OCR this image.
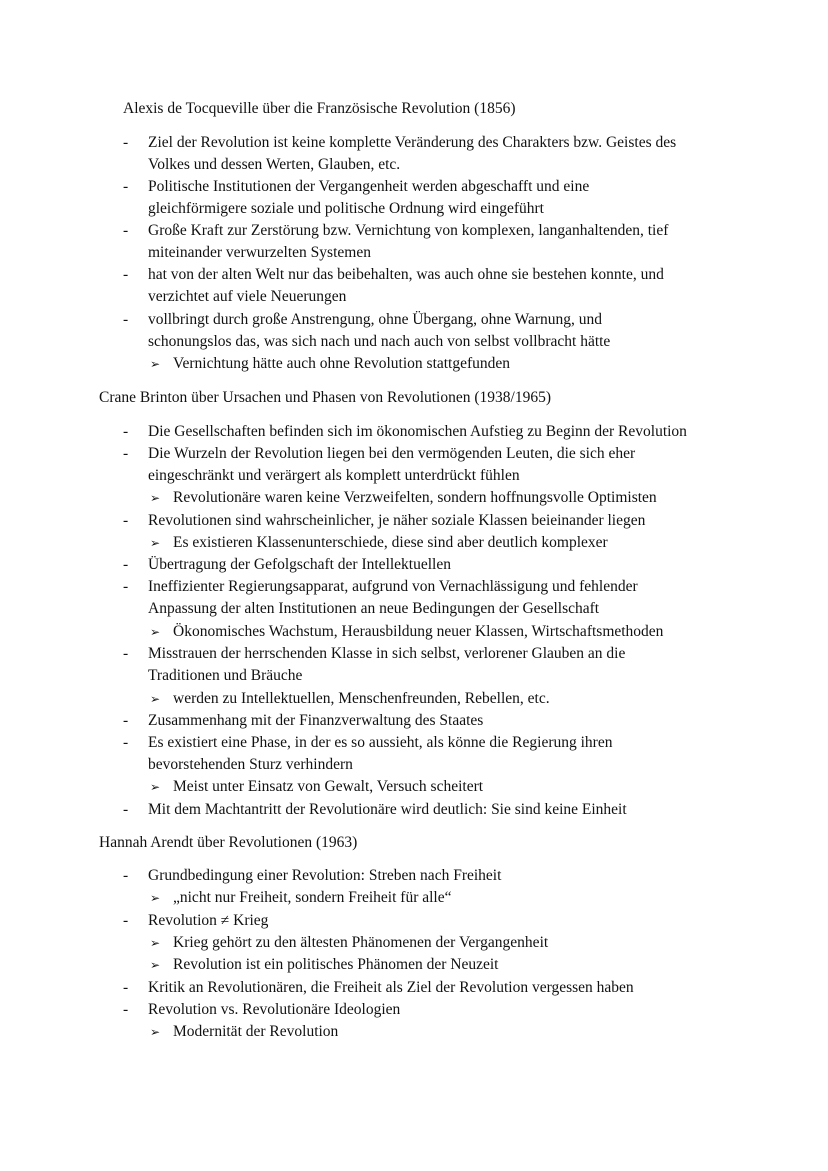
Alexis de Tocqueville über die Französische Revolution (1856)
- Ziel der Revolution ist keine komplette Veränderung des Charakters bzw. Geistes des
Volkes und dessen Werten, Glauben, etc.
- Politische Institutionen der Vergangenheit werden abgeschafft und eine
gleichförmigere soziale und politische Ordnung wird eingeführt
- Große Kraft zur Zerstörung bzw. Vernichtung von komplexen, langanhaltenden, tief
miteinander verwurzelten Systemen
- hat von der alten Welt nur das beibehalten, was auch ohne sie bestehen konnte, und
verzichtet auf viele Neuerungen
- vollbringt durch große Anstrengung, ohne Übergang, ohne Warnung, und
schonungslos das, was sich nach und nach auch von selbst vollbracht hätte
➢ Vernichtung hätte auch ohne Revolution stattgefunden
Crane Brinton über Ursachen und Phasen von Revolutionen (1938/1965)
- Die Gesellschaften befinden sich im ökonomischen Aufstieg zu Beginn der Revolution
- Die Wurzeln der Revolution liegen bei den vermögenden Leuten, die sich eher
eingeschränkt und verärgert als komplett unterdrückt fühlen
➢ Revolutionäre waren keine Verzweifelten, sondern hoffnungsvolle Optimisten
- Revolutionen sind wahrscheinlicher, je näher soziale Klassen beieinander liegen
➢ Es existieren Klassenunterschiede, diese sind aber deutlich komplexer
- Übertragung der Gefolgschaft der Intellektuellen
- Ineffizienter Regierungsapparat, aufgrund von Vernachlässigung und fehlender
Anpassung der alten Institutionen an neue Bedingungen der Gesellschaft
➢ Ökonomisches Wachstum, Herausbildung neuer Klassen, Wirtschaftsmethoden
- Misstrauen der herrschenden Klasse in sich selbst, verlorener Glauben an die
Traditionen und Bräuche
➢ werden zu Intellektuellen, Menschenfreunden, Rebellen, etc.
- Zusammenhang mit der Finanzverwaltung des Staates
- Es existiert eine Phase, in der es so aussieht, als könne die Regierung ihren
bevorstehenden Sturz verhindern
➢ Meist unter Einsatz von Gewalt, Versuch scheitert
- Mit dem Machtantritt der Revolutionäre wird deutlich: Sie sind keine Einheit
Hannah Arendt über Revolutionen (1963)
- Grundbedingung einer Revolution: Streben nach Freiheit
➢ „nicht nur Freiheit, sondern Freiheit für alle“
- Revolution ≠ Krieg
➢ Krieg gehört zu den ältesten Phänomenen der Vergangenheit
➢ Revolution ist ein politisches Phänomen der Neuzeit
- Kritik an Revolutionären, die Freiheit als Ziel der Revolution vergessen haben
- Revolution vs. Revolutionäre Ideologien
➢ Modernität der Revolution
